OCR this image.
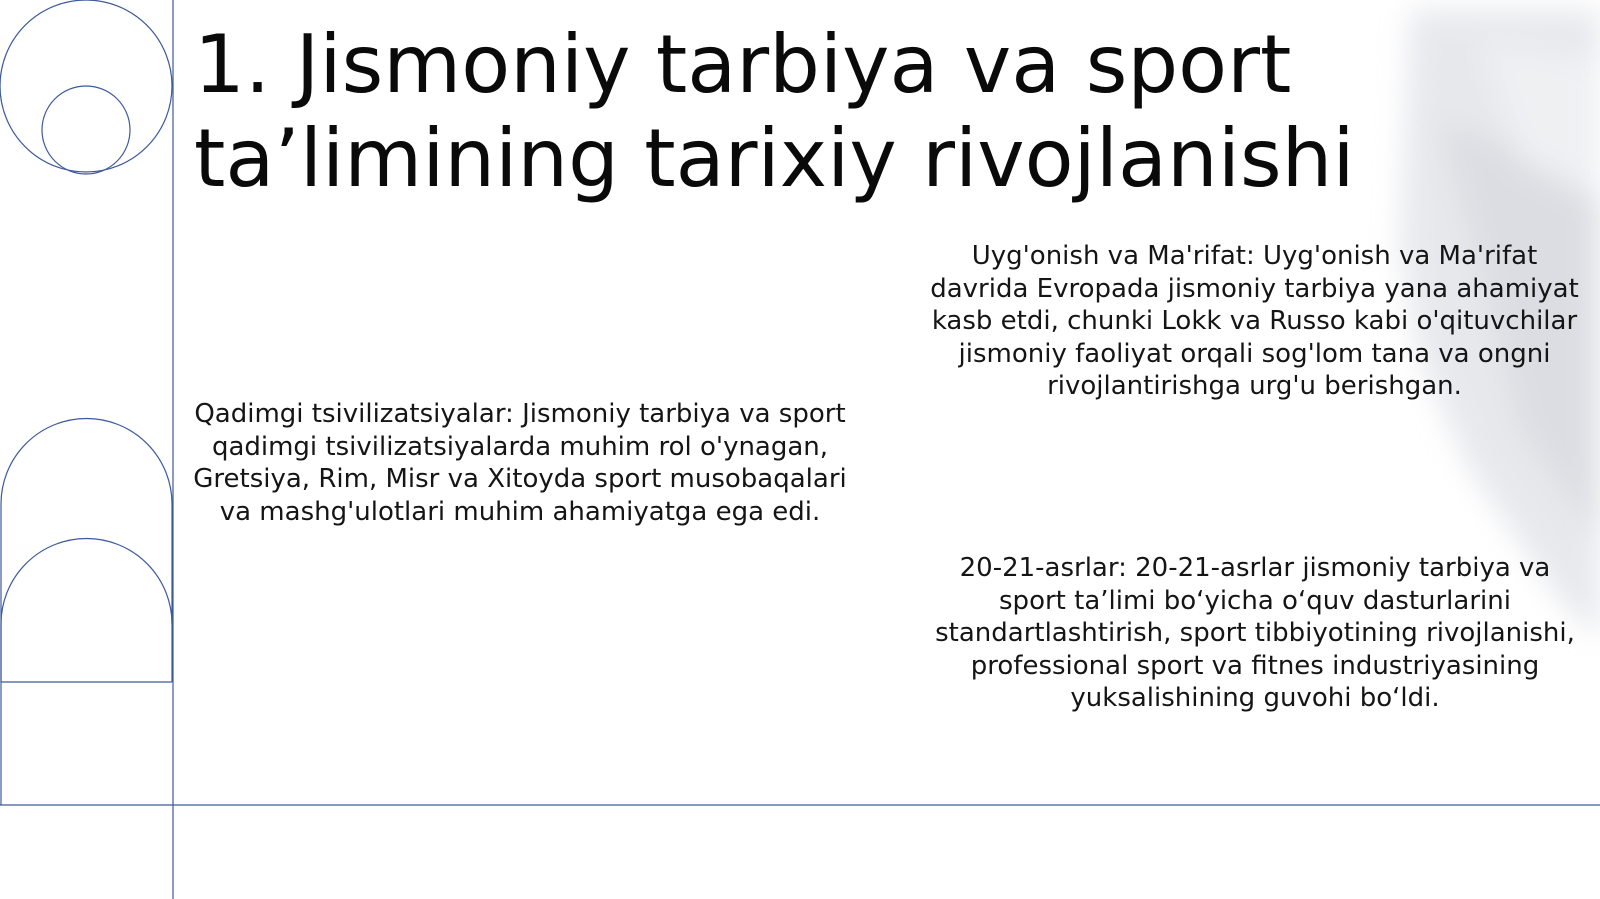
1. Jismoniy tarbiya va sport
ta’limining tarixiy rivojlanishi

Qadimgi tsivilizatsiyalar: Jismoniy tarbiya va sport qadimgi tsivilizatsiyalarda muhim rol o'ynagan, Gretsiya, Rim, Misr va Xitoyda sport musobaqalari va mashg'ulotlari muhim ahamiyatga ega edi.

Uyg'onish va Ma'rifat: Uyg'onish va Ma'rifat davrida Evropada jismoniy tarbiya yana ahamiyat kasb etdi, chunki Lokk va Russo kabi o'qituvchilar jismoniy faoliyat orqali sog'lom tana va ongni rivojlantirishga urg'u berishgan.

20-21-asrlar: 20-21-asrlar jismoniy tarbiya va sport ta’limi bo‘yicha o‘quv dasturlarini standartlashtirish, sport tibbiyotining rivojlanishi, professional sport va fitnes industriyasining yuksalishining guvohi bo‘ldi.
